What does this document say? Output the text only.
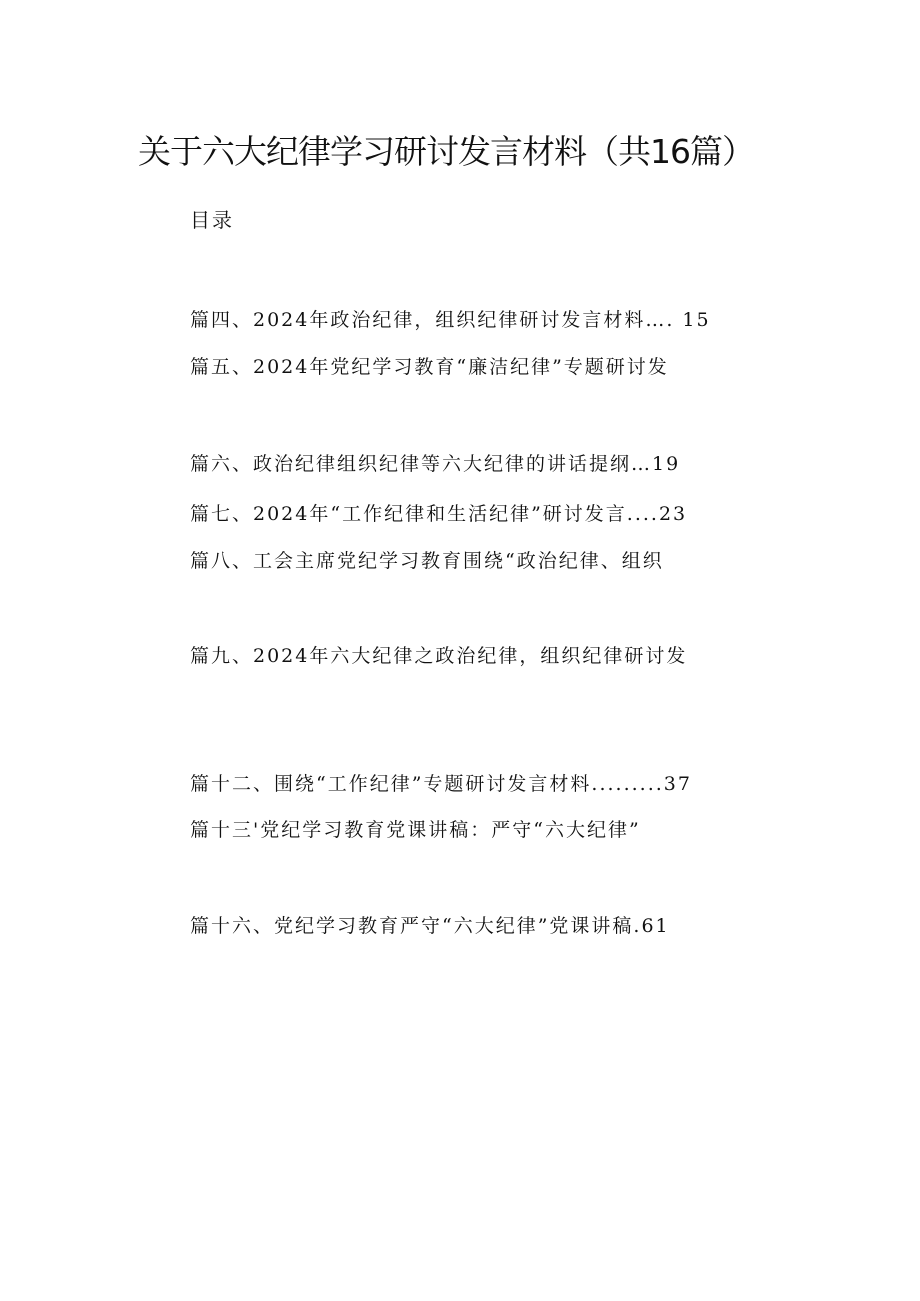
关于六大纪律学习研讨发言材料（共16篇）
目录
篇四、2024年政治纪律，组织纪律研讨发言材料…. 15
篇五、2024年党纪学习教育“廉洁纪律”专题研讨发
篇六、政治纪律组织纪律等六大纪律的讲话提纲…19
篇七、2024年“工作纪律和生活纪律”研讨发言....23
篇八、工会主席党纪学习教育围绕“政治纪律、组织
篇九、2024年六大纪律之政治纪律，组织纪律研讨发
篇十二、围绕“工作纪律”专题研讨发言材料.........37
篇十三'党纪学习教育党课讲稿：严守“六大纪律”
篇十六、党纪学习教育严守“六大纪律”党课讲稿.61
